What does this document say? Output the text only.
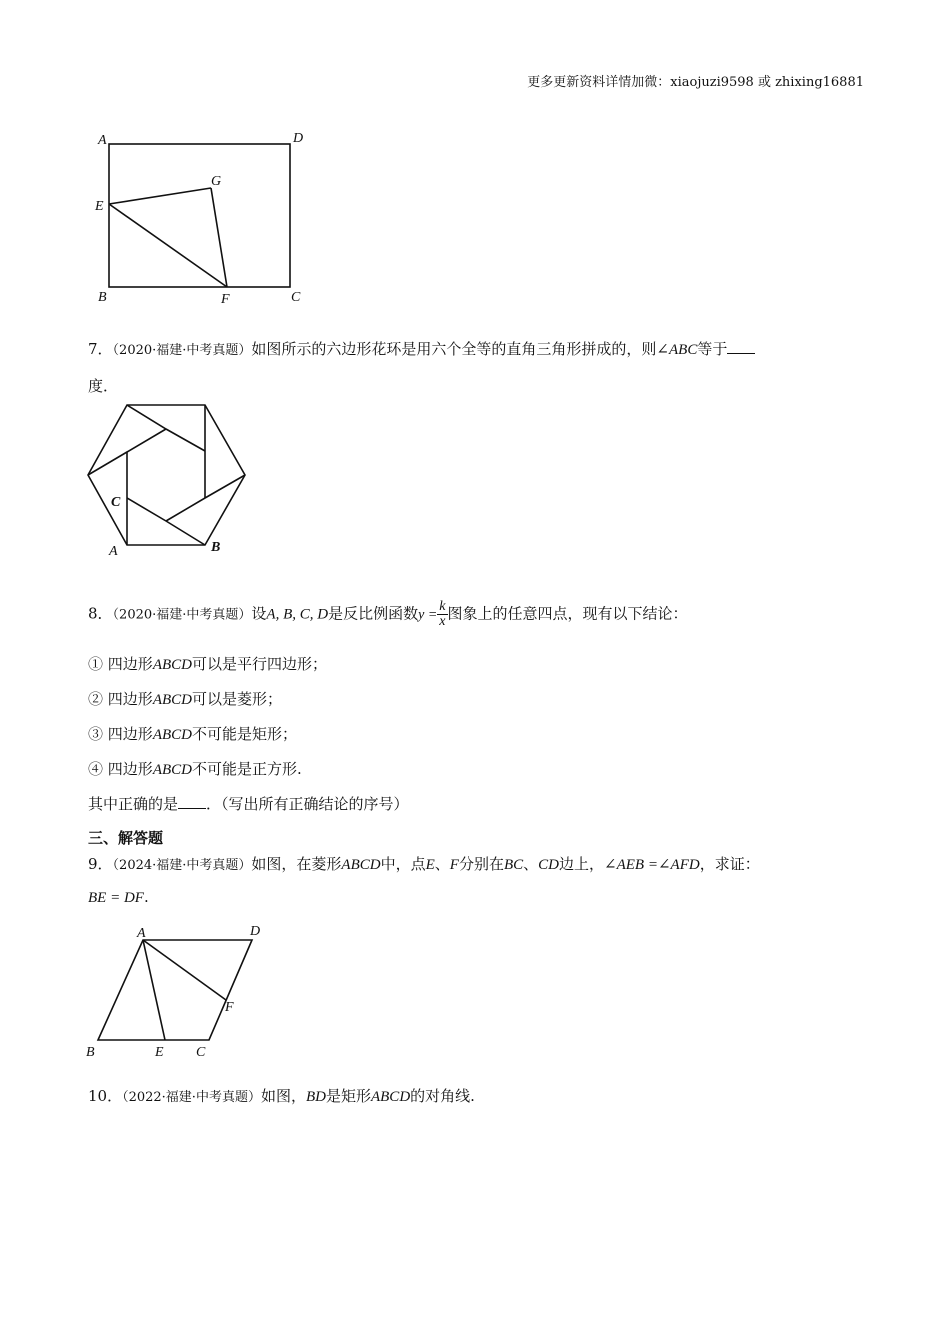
更多更新资料详情加微：xiaojuzi9598 或 zhixing16881
A	D
G
E
B	F	C
7．（2020·福建·中考真题）如图所示的六边形花环是用六个全等的直角三角形拼成的，则∠ABC等于
度．
C
A	B
8．（2020·福建·中考真题）设A, B, C, D是反比例函数$y = \frac{k}{x}$ 图象上的任意四点，现有以下结论：
① 四边形ABCD可以是平行四边形；
② 四边形ABCD可以是菱形；
③ 四边形ABCD不可能是矩形；
④ 四边形ABCD不可能是正方形.
其中正确的是 ．（写出所有正确结论的序号）
三、解答题
9．（2024·福建·中考真题）如图，在菱形ABCD中，点E、F分别在BC、CD边上，∠AEB =∠AFD，求证：
BE = DF.
A	D
F
B	E C
10．（2022·福建·中考真题）如图，BD是矩形ABCD的对角线.
